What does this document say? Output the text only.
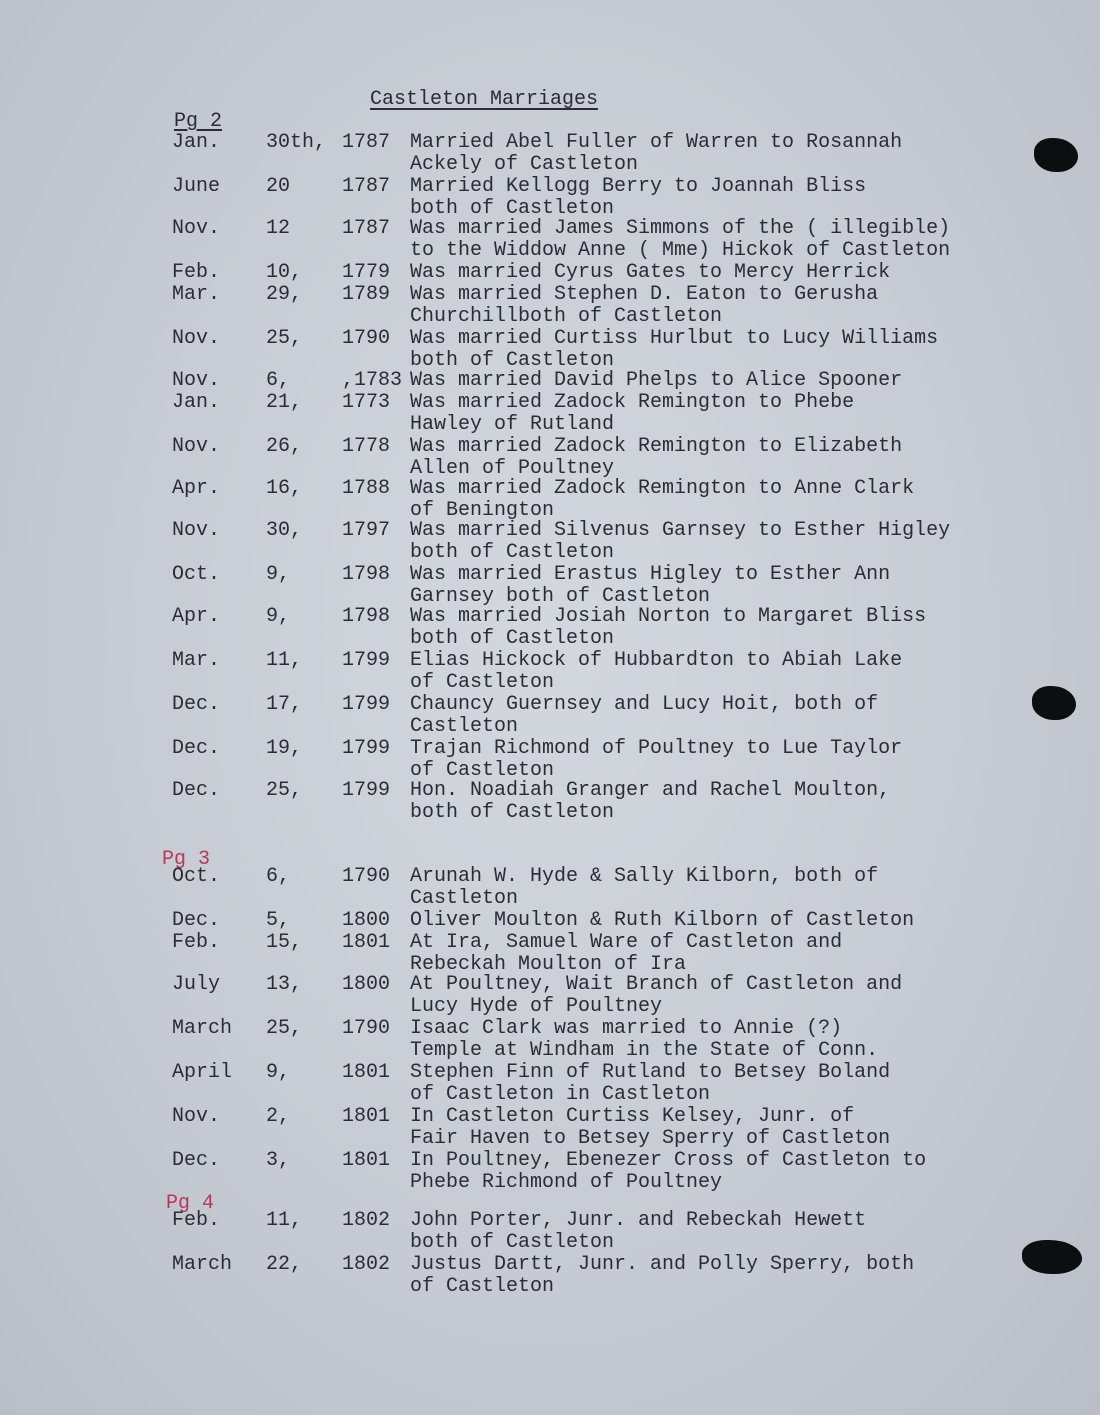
Castleton Marriages
Pg 2
Pg 3
Pg 4
Jan. 30th, 1787 Married Abel Fuller of Warren to Rosannah
Ackely of Castleton
June 20	1787 Married Kellogg Berry to Joannah Bliss
both of Castleton
Nov. 12	1787 Was married James Simmons of the ( illegible)
to the Widdow Anne ( Mme) Hickok of Castleton
Feb. 10, 1779 Was married Cyrus Gates to Mercy Herrick
Mar. 29, 1789 Was married Stephen D. Eaton to Gerusha
Churchillboth of Castleton
Nov. 25, 1790 Was married Curtiss Hurlbut to Lucy Williams
both of Castleton
Nov. 6,	,1783 Was married David Phelps to Alice Spooner
Jan. 21, 1773 Was married Zadock Remington to Phebe
Hawley of Rutland
Nov. 26, 1778 Was married Zadock Remington to Elizabeth
Allen of Poultney
Apr. 16, 1788 Was married Zadock Remington to Anne Clark
of Benington
Nov. 30, 1797 Was married Silvenus Garnsey to Esther Higley
both of Castleton
Oct. 9,	1798 Was married Erastus Higley to Esther Ann
Garnsey both of Castleton
Apr. 9,	1798 Was married Josiah Norton to Margaret Bliss
both of Castleton
Mar. 11, 1799 Elias Hickock of Hubbardton to Abiah Lake
of Castleton
Dec. 17, 1799 Chauncy Guernsey and Lucy Hoit, both of
Castleton
Dec. 19, 1799 Trajan Richmond of Poultney to Lue Taylor
of Castleton
Dec. 25, 1799 Hon. Noadiah Granger and Rachel Moulton,
both of Castleton
Oct. 6,	1790 Arunah W. Hyde & Sally Kilborn, both of
Castleton
Dec. 5,	1800 Oliver Moulton & Ruth Kilborn of Castleton
Feb. 15, 1801 At Ira, Samuel Ware of Castleton and
Rebeckah Moulton of Ira
July 13, 1800 At Poultney, Wait Branch of Castleton and
Lucy Hyde of Poultney
March 25, 1790 Isaac Clark was married to Annie (?)
Temple at Windham in the State of Conn.
April 9,	1801 Stephen Finn of Rutland to Betsey Boland
of Castleton in Castleton
Nov. 2,	1801 In Castleton Curtiss Kelsey, Junr. of
Fair Haven to Betsey Sperry of Castleton
Dec. 3,	1801 In Poultney, Ebenezer Cross of Castleton to
Phebe Richmond of Poultney
Feb. 11, 1802 John Porter, Junr. and Rebeckah Hewett
both of Castleton
March 22, 1802 Justus Dartt, Junr. and Polly Sperry, both
of Castleton
